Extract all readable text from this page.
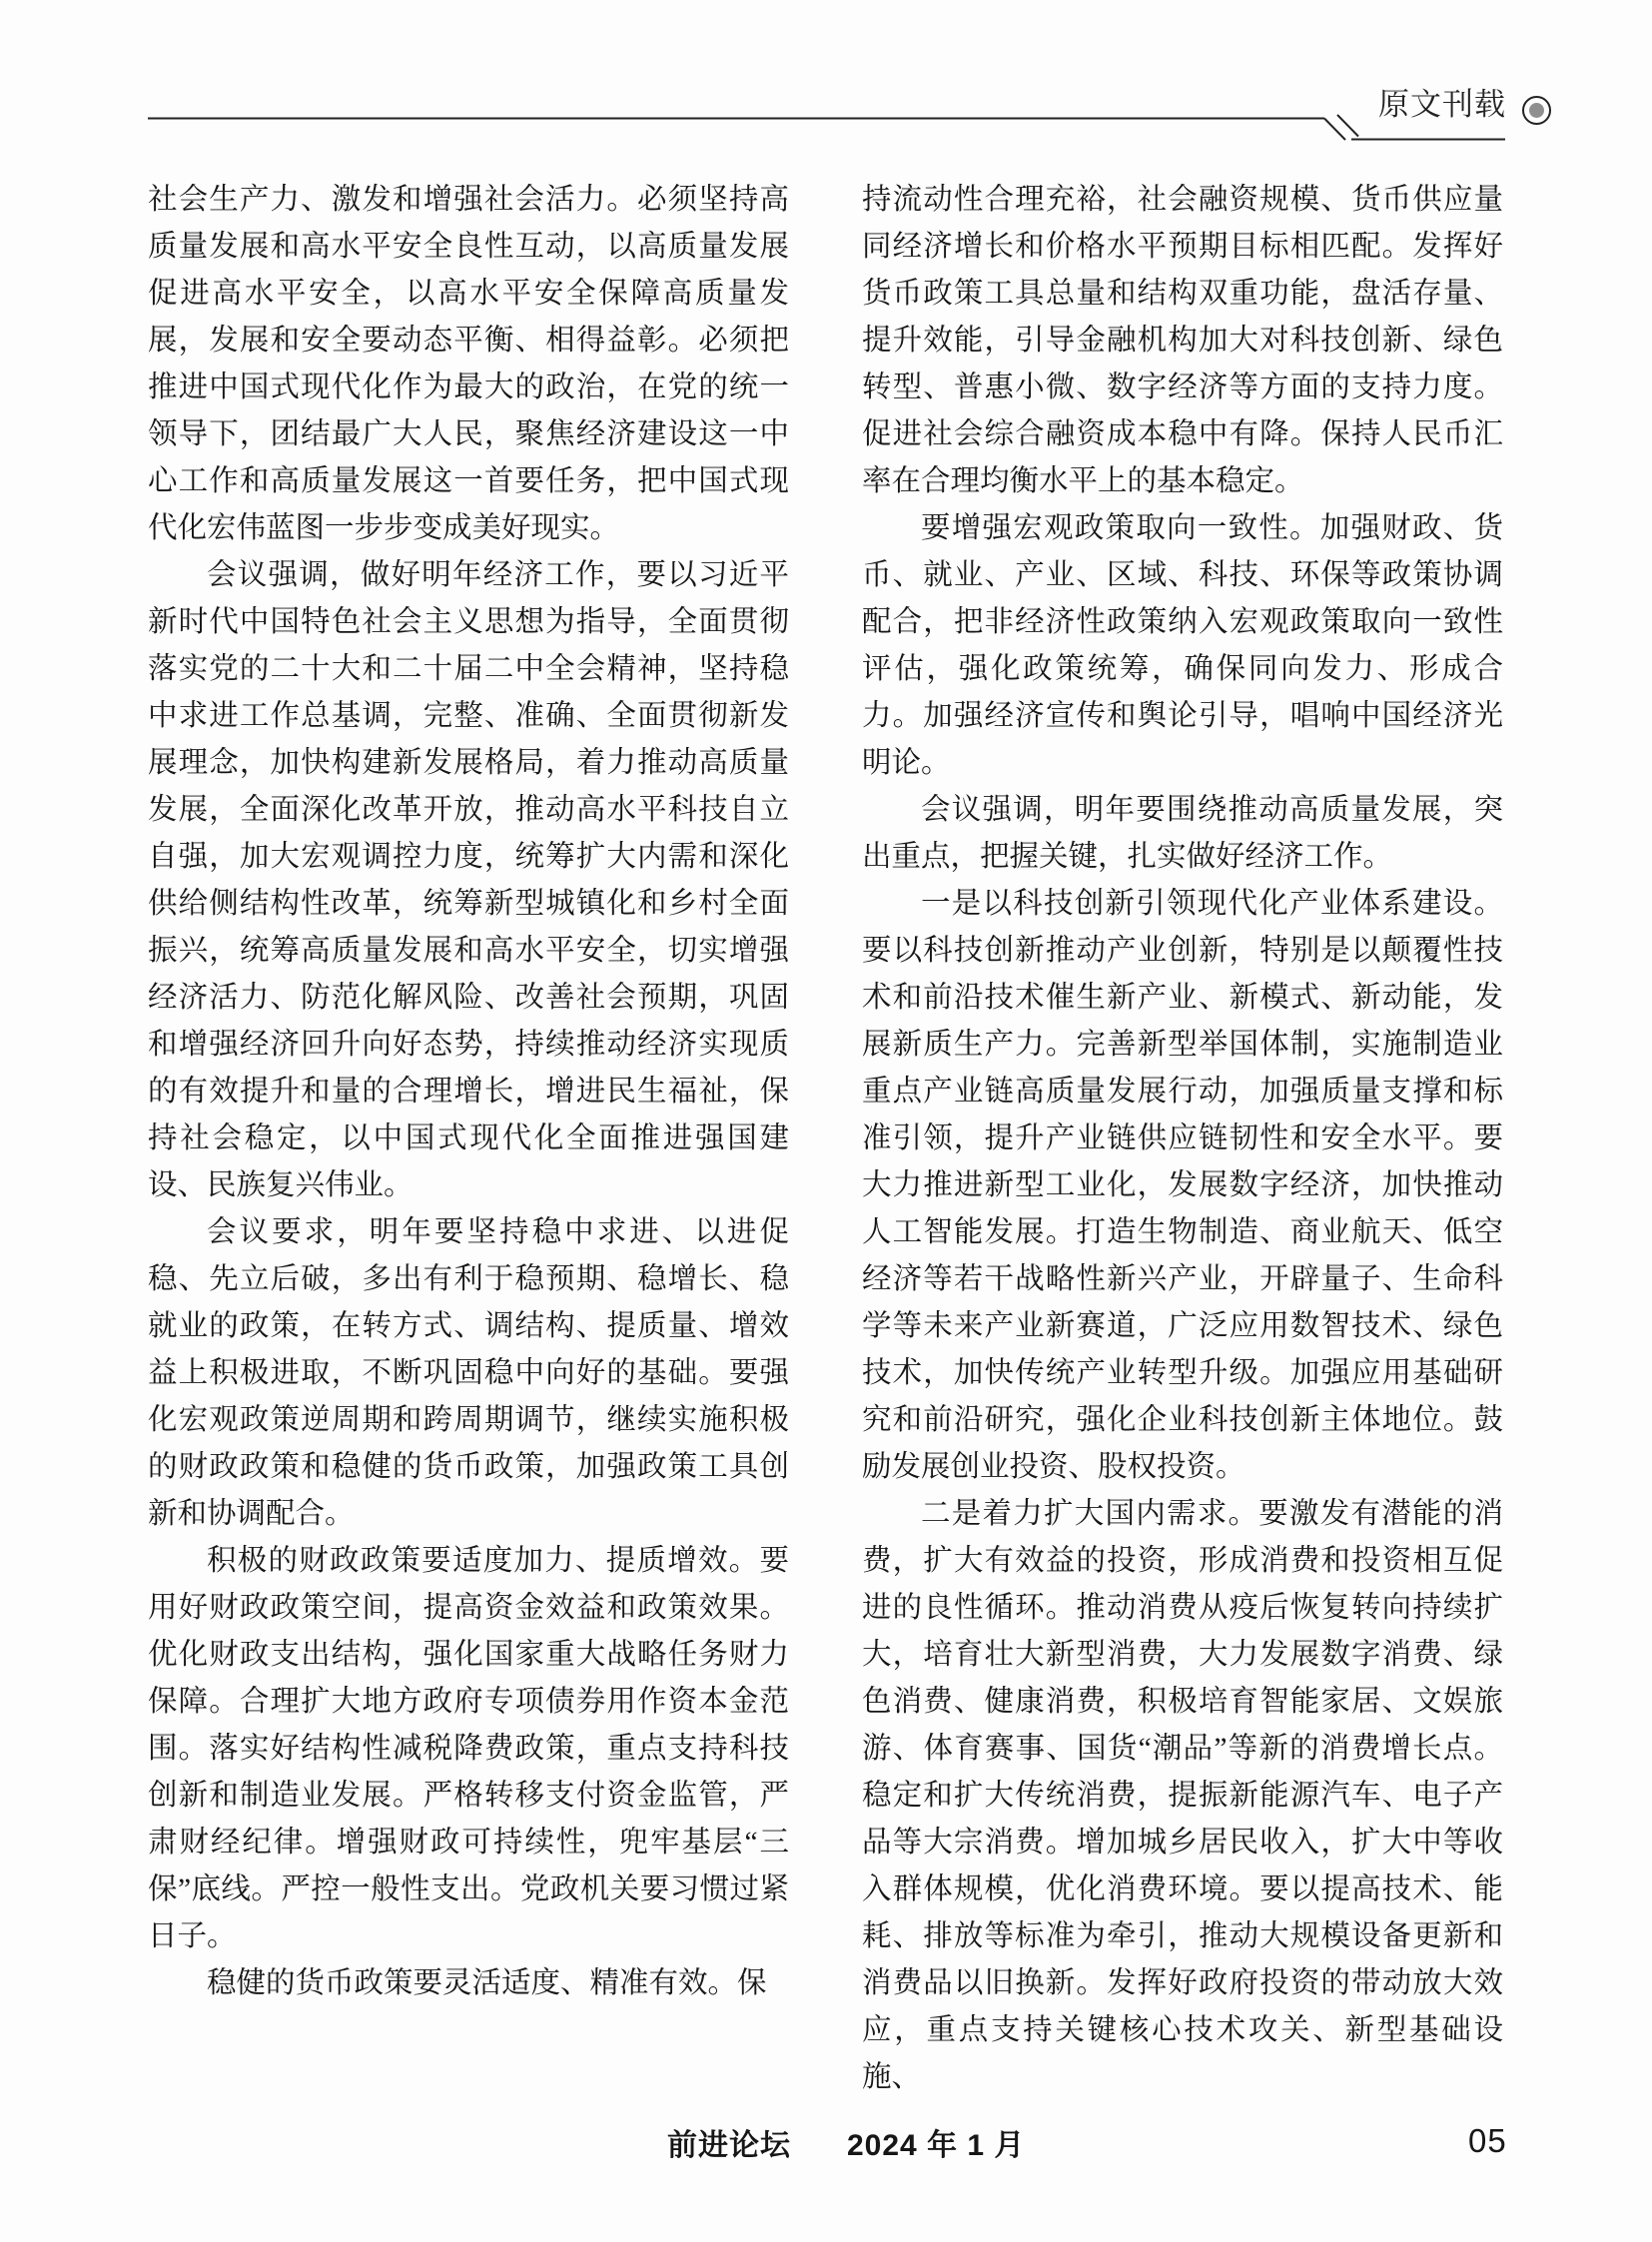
原文刊载

社会生产力、激发和增强社会活力。必须坚持高质量发展和高水平安全良性互动，以高质量发展促进高水平安全，以高水平安全保障高质量发展，发展和安全要动态平衡、相得益彰。必须把推进中国式现代化作为最大的政治，在党的统一领导下，团结最广大人民，聚焦经济建设这一中心工作和高质量发展这一首要任务，把中国式现代化宏伟蓝图一步步变成美好现实。

会议强调，做好明年经济工作，要以习近平新时代中国特色社会主义思想为指导，全面贯彻落实党的二十大和二十届二中全会精神，坚持稳中求进工作总基调，完整、准确、全面贯彻新发展理念，加快构建新发展格局，着力推动高质量发展，全面深化改革开放，推动高水平科技自立自强，加大宏观调控力度，统筹扩大内需和深化供给侧结构性改革，统筹新型城镇化和乡村全面振兴，统筹高质量发展和高水平安全，切实增强经济活力、防范化解风险、改善社会预期，巩固和增强经济回升向好态势，持续推动经济实现质的有效提升和量的合理增长，增进民生福祉，保持社会稳定，以中国式现代化全面推进强国建设、民族复兴伟业。

会议要求，明年要坚持稳中求进、以进促稳、先立后破，多出有利于稳预期、稳增长、稳就业的政策，在转方式、调结构、提质量、增效益上积极进取，不断巩固稳中向好的基础。要强化宏观政策逆周期和跨周期调节，继续实施积极的财政政策和稳健的货币政策，加强政策工具创新和协调配合。

积极的财政政策要适度加力、提质增效。要用好财政政策空间，提高资金效益和政策效果。优化财政支出结构，强化国家重大战略任务财力保障。合理扩大地方政府专项债券用作资本金范围。落实好结构性减税降费政策，重点支持科技创新和制造业发展。严格转移支付资金监管，严肃财经纪律。增强财政可持续性，兜牢基层“三保”底线。严控一般性支出。党政机关要习惯过紧日子。

稳健的货币政策要灵活适度、精准有效。保

持流动性合理充裕，社会融资规模、货币供应量同经济增长和价格水平预期目标相匹配。发挥好货币政策工具总量和结构双重功能，盘活存量、提升效能，引导金融机构加大对科技创新、绿色转型、普惠小微、数字经济等方面的支持力度。促进社会综合融资成本稳中有降。保持人民币汇率在合理均衡水平上的基本稳定。

要增强宏观政策取向一致性。加强财政、货币、就业、产业、区域、科技、环保等政策协调配合，把非经济性政策纳入宏观政策取向一致性评估，强化政策统筹，确保同向发力、形成合力。加强经济宣传和舆论引导，唱响中国经济光明论。

会议强调，明年要围绕推动高质量发展，突出重点，把握关键，扎实做好经济工作。

一是以科技创新引领现代化产业体系建设。要以科技创新推动产业创新，特别是以颠覆性技术和前沿技术催生新产业、新模式、新动能，发展新质生产力。完善新型举国体制，实施制造业重点产业链高质量发展行动，加强质量支撑和标准引领，提升产业链供应链韧性和安全水平。要大力推进新型工业化，发展数字经济，加快推动人工智能发展。打造生物制造、商业航天、低空经济等若干战略性新兴产业，开辟量子、生命科学等未来产业新赛道，广泛应用数智技术、绿色技术，加快传统产业转型升级。加强应用基础研究和前沿研究，强化企业科技创新主体地位。鼓励发展创业投资、股权投资。

二是着力扩大国内需求。要激发有潜能的消费，扩大有效益的投资，形成消费和投资相互促进的良性循环。推动消费从疫后恢复转向持续扩大，培育壮大新型消费，大力发展数字消费、绿色消费、健康消费，积极培育智能家居、文娱旅游、体育赛事、国货“潮品”等新的消费增长点。稳定和扩大传统消费，提振新能源汽车、电子产品等大宗消费。增加城乡居民收入，扩大中等收入群体规模，优化消费环境。要以提高技术、能耗、排放等标准为牵引，推动大规模设备更新和消费品以旧换新。发挥好政府投资的带动放大效应，重点支持关键核心技术攻关、新型基础设施、

前进论坛 2024 年 1 月	05
